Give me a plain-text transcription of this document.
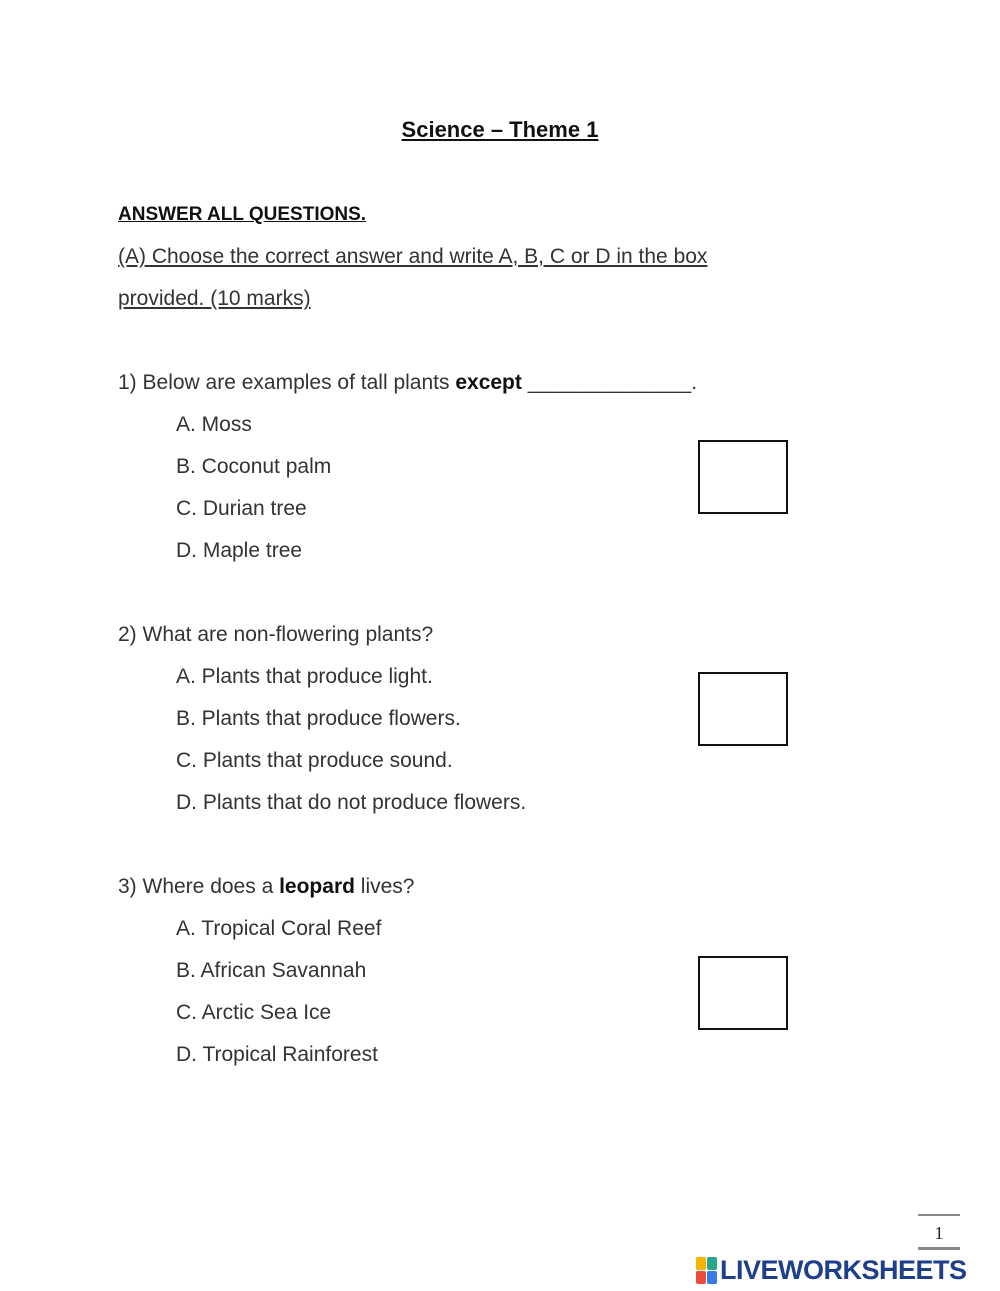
Science – Theme 1
ANSWER ALL QUESTIONS.
(A) Choose the correct answer and write A, B, C or D in the box
provided. (10 marks)
1) Below are examples of tall plants except ______________.
A. Moss
B. Coconut palm
C. Durian tree
D. Maple tree
2) What are non-flowering plants?
A. Plants that produce light.
B. Plants that produce flowers.
C. Plants that produce sound.
D. Plants that do not produce flowers.
3) Where does a leopard lives?
A. Tropical Coral Reef
B. African Savannah
C. Arctic Sea Ice
D. Tropical Rainforest
1
LIVEWORKSHEETS
